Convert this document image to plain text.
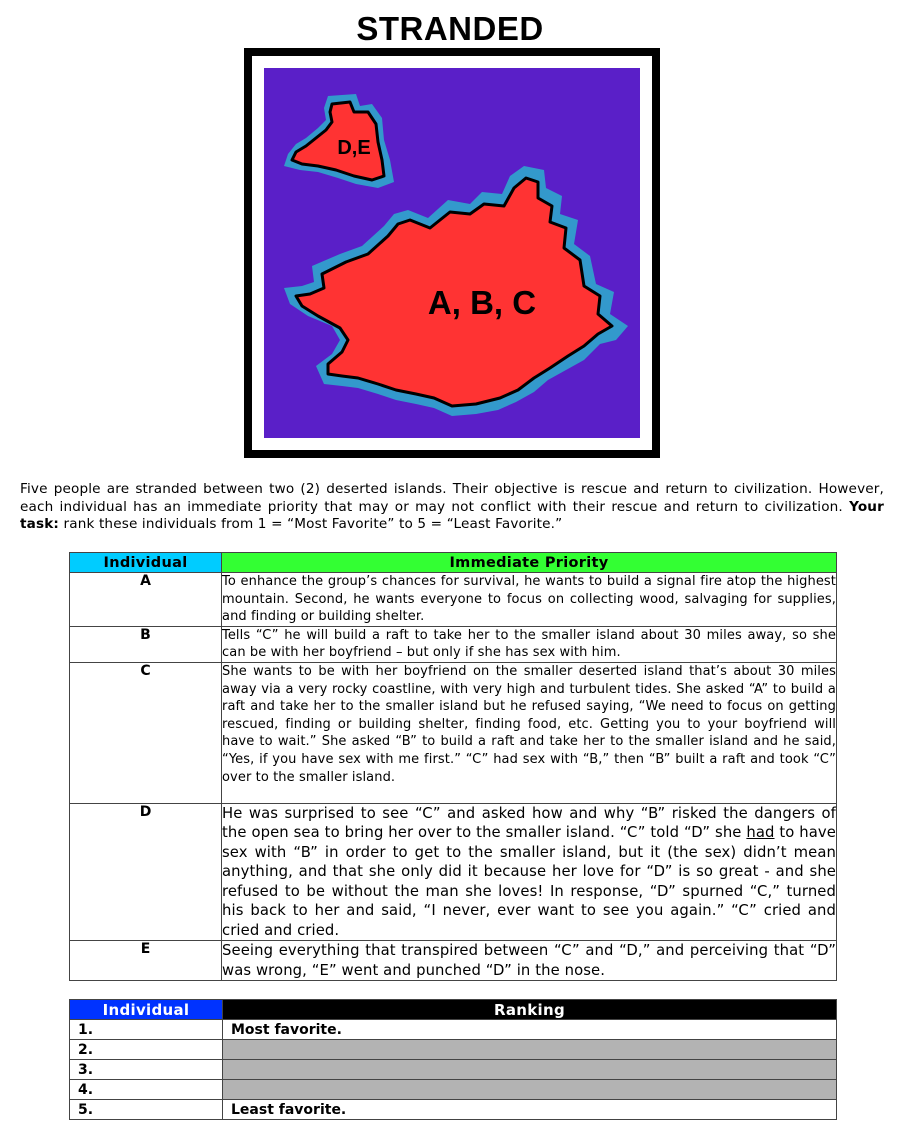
STRANDED
D,E
A, B, C
Five people are stranded between two (2) deserted islands. Their objective is rescue and return to civilization. However, each individual has an immediate priority that may or may not conflict with their rescue and return to civilization. Your task: rank these individuals from 1 = “Most Favorite” to 5 = “Least Favorite.”
Individual	Immediate Priority
A	To enhance the group’s chances for survival, he wants to build a signal fire atop the highest mountain. Second, he wants everyone to focus on collecting wood, salvaging for supplies, and finding or building shelter.
B	Tells “C” he will build a raft to take her to the smaller island about 30 miles away, so she can be with her boyfriend – but only if she has sex with him.
C	She wants to be with her boyfriend on the smaller deserted island that’s about 30 miles away via a very rocky coastline, with very high and turbulent tides. She asked “A” to build a raft and take her to the smaller island but he refused saying, “We need to focus on getting rescued, finding or building shelter, finding food, etc. Getting you to your boyfriend will have to wait.” She asked “B” to build a raft and take her to the smaller island and he said, “Yes, if you have sex with me first.” “C” had sex with “B,” then “B” built a raft and took “C” over to the smaller island.
D	He was surprised to see “C” and asked how and why “B” risked the dangers of the open sea to bring her over to the smaller island. “C” told “D” she had to have sex with “B” in order to get to the smaller island, but it (the sex) didn’t mean anything, and that she only did it because her love for “D” is so great - and she refused to be without the man she loves! In response, “D” spurned “C,” turned his back to her and said, “I never, ever want to see you again.” “C” cried and cried and cried.
E	Seeing everything that transpired between “C” and “D,” and perceiving that “D” was wrong, “E” went and punched “D” in the nose.
Individual	Ranking
1.	Most favorite.
2.	
3.	
4.	
5.	Least favorite.
